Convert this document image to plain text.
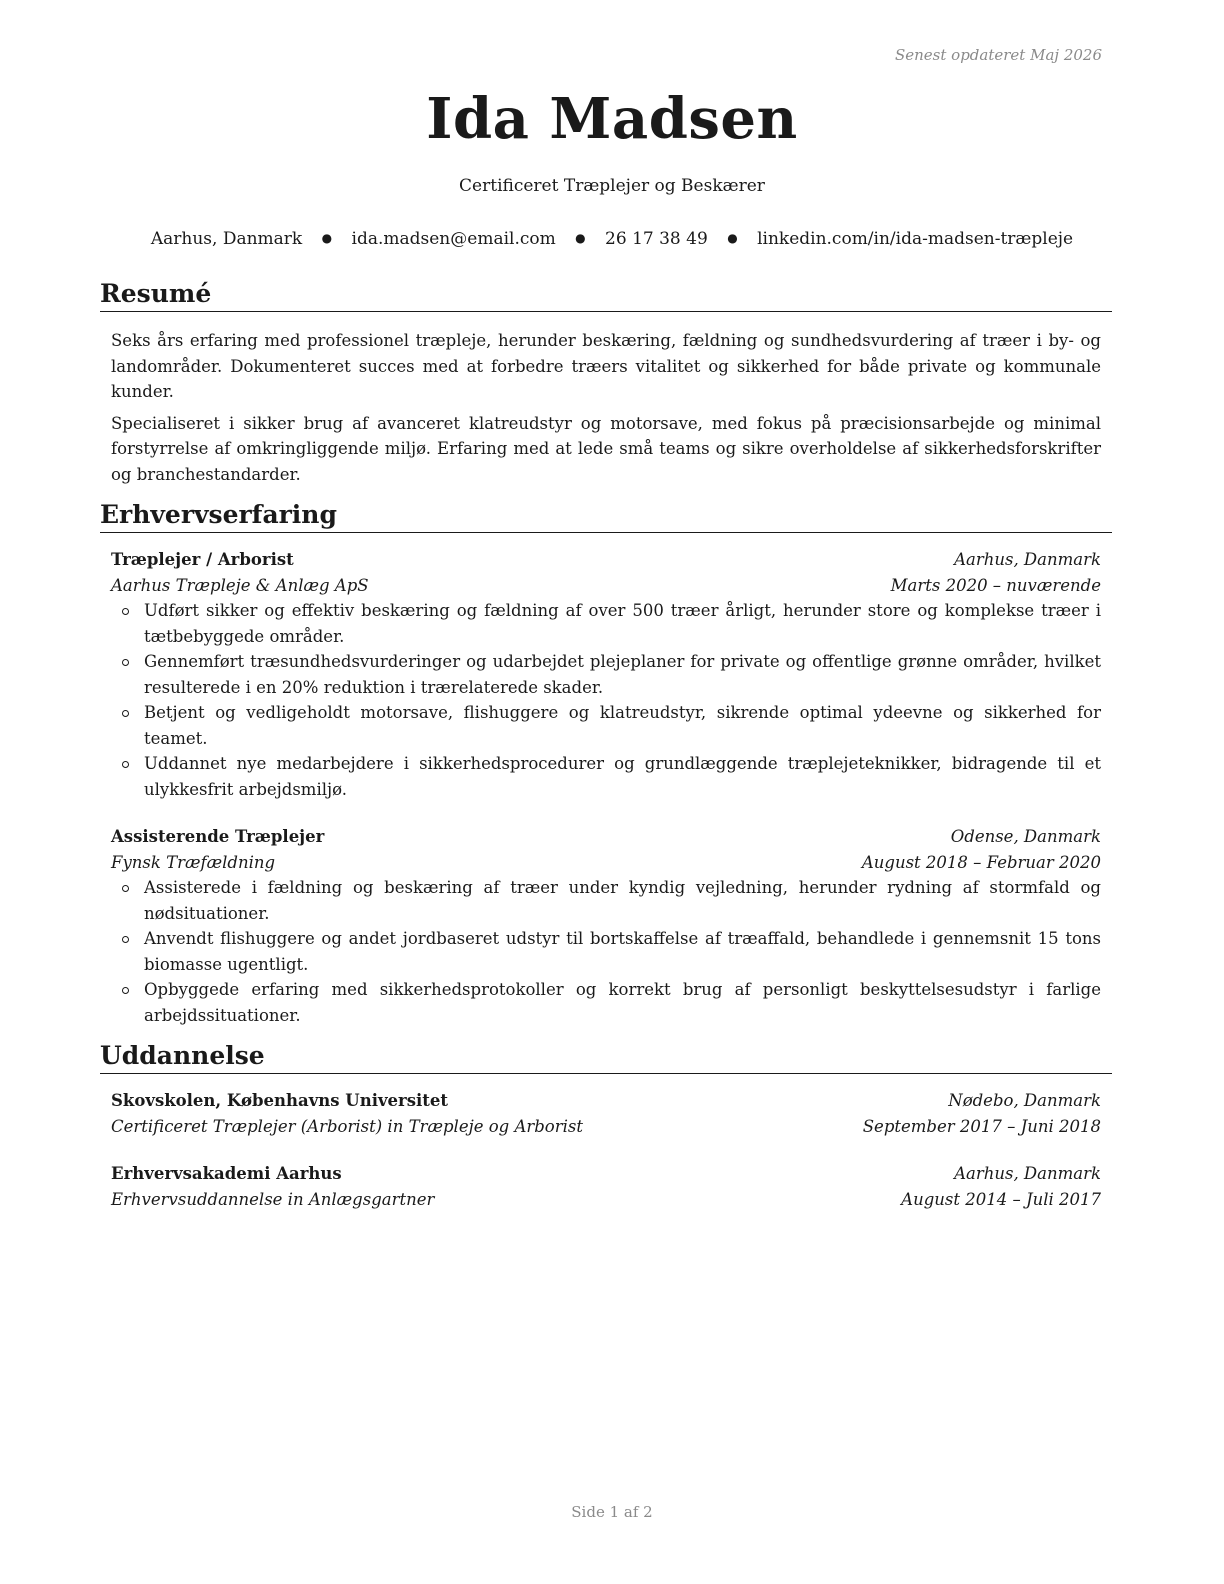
Senest opdateret Maj 2026
Ida Madsen
Certificeret Træplejer og Beskærer
Aarhus, Danmark ● ida.madsen@email.com ● 26 17 38 49 ● linkedin.com/in/ida-madsen-træpleje
Resumé

Seks års erfaring med professionel træpleje, herunder beskæring, fældning og sundhedsvurdering af træer i by- og landområder. Dokumenteret succes med at forbedre træers vitalitet og sikkerhed for både private og kommunale kunder.

Specialiseret i sikker brug af avanceret klatreudstyr og motorsave, med fokus på præcisionsarbejde og minimal forstyrrelse af omkringliggende miljø. Erfaring med at lede små teams og sikre overholdelse af sikkerhedsforskrifter og branchestandarder.

Erhvervserfaring
Træplejer / Arborist	Aarhus, Danmark
Aarhus Træpleje & Anlæg ApS	Marts 2020 – nuværende
Udført sikker og effektiv beskæring og fældning af over 500 træer årligt, herunder store og komplekse træer i tætbebyggede områder.
Gennemført træsundhedsvurderinger og udarbejdet plejeplaner for private og offentlige grønne områder, hvilket resulterede i en 20% reduktion i trærelaterede skader.
Betjent og vedligeholdt motorsave, flishuggere og klatreudstyr, sikrende optimal ydeevne og sikkerhed for teamet.
Uddannet nye medarbejdere i sikkerhedsprocedurer og grundlæggende træplejeteknikker, bidragende til et ulykkesfrit arbejdsmiljø.
Assisterende Træplejer	Odense, Danmark
Fynsk Træfældning	August 2018 – Februar 2020
Assisterede i fældning og beskæring af træer under kyndig vejledning, herunder rydning af stormfald og nødsituationer.
Anvendt flishuggere og andet jordbaseret udstyr til bortskaffelse af træaffald, behandlede i gennemsnit 15 tons biomasse ugentligt.
Opbyggede erfaring med sikkerhedsprotokoller og korrekt brug af personligt beskyttelsesudstyr i farlige arbejdssituationer.
Uddannelse
Skovskolen, Københavns Universitet	Nødebo, Danmark
Certificeret Træplejer (Arborist) in Træpleje og Arborist	September 2017 – Juni 2018
Erhvervsakademi Aarhus	Aarhus, Danmark
Erhvervsuddannelse in Anlægsgartner	August 2014 – Juli 2017
Side 1 af 2
